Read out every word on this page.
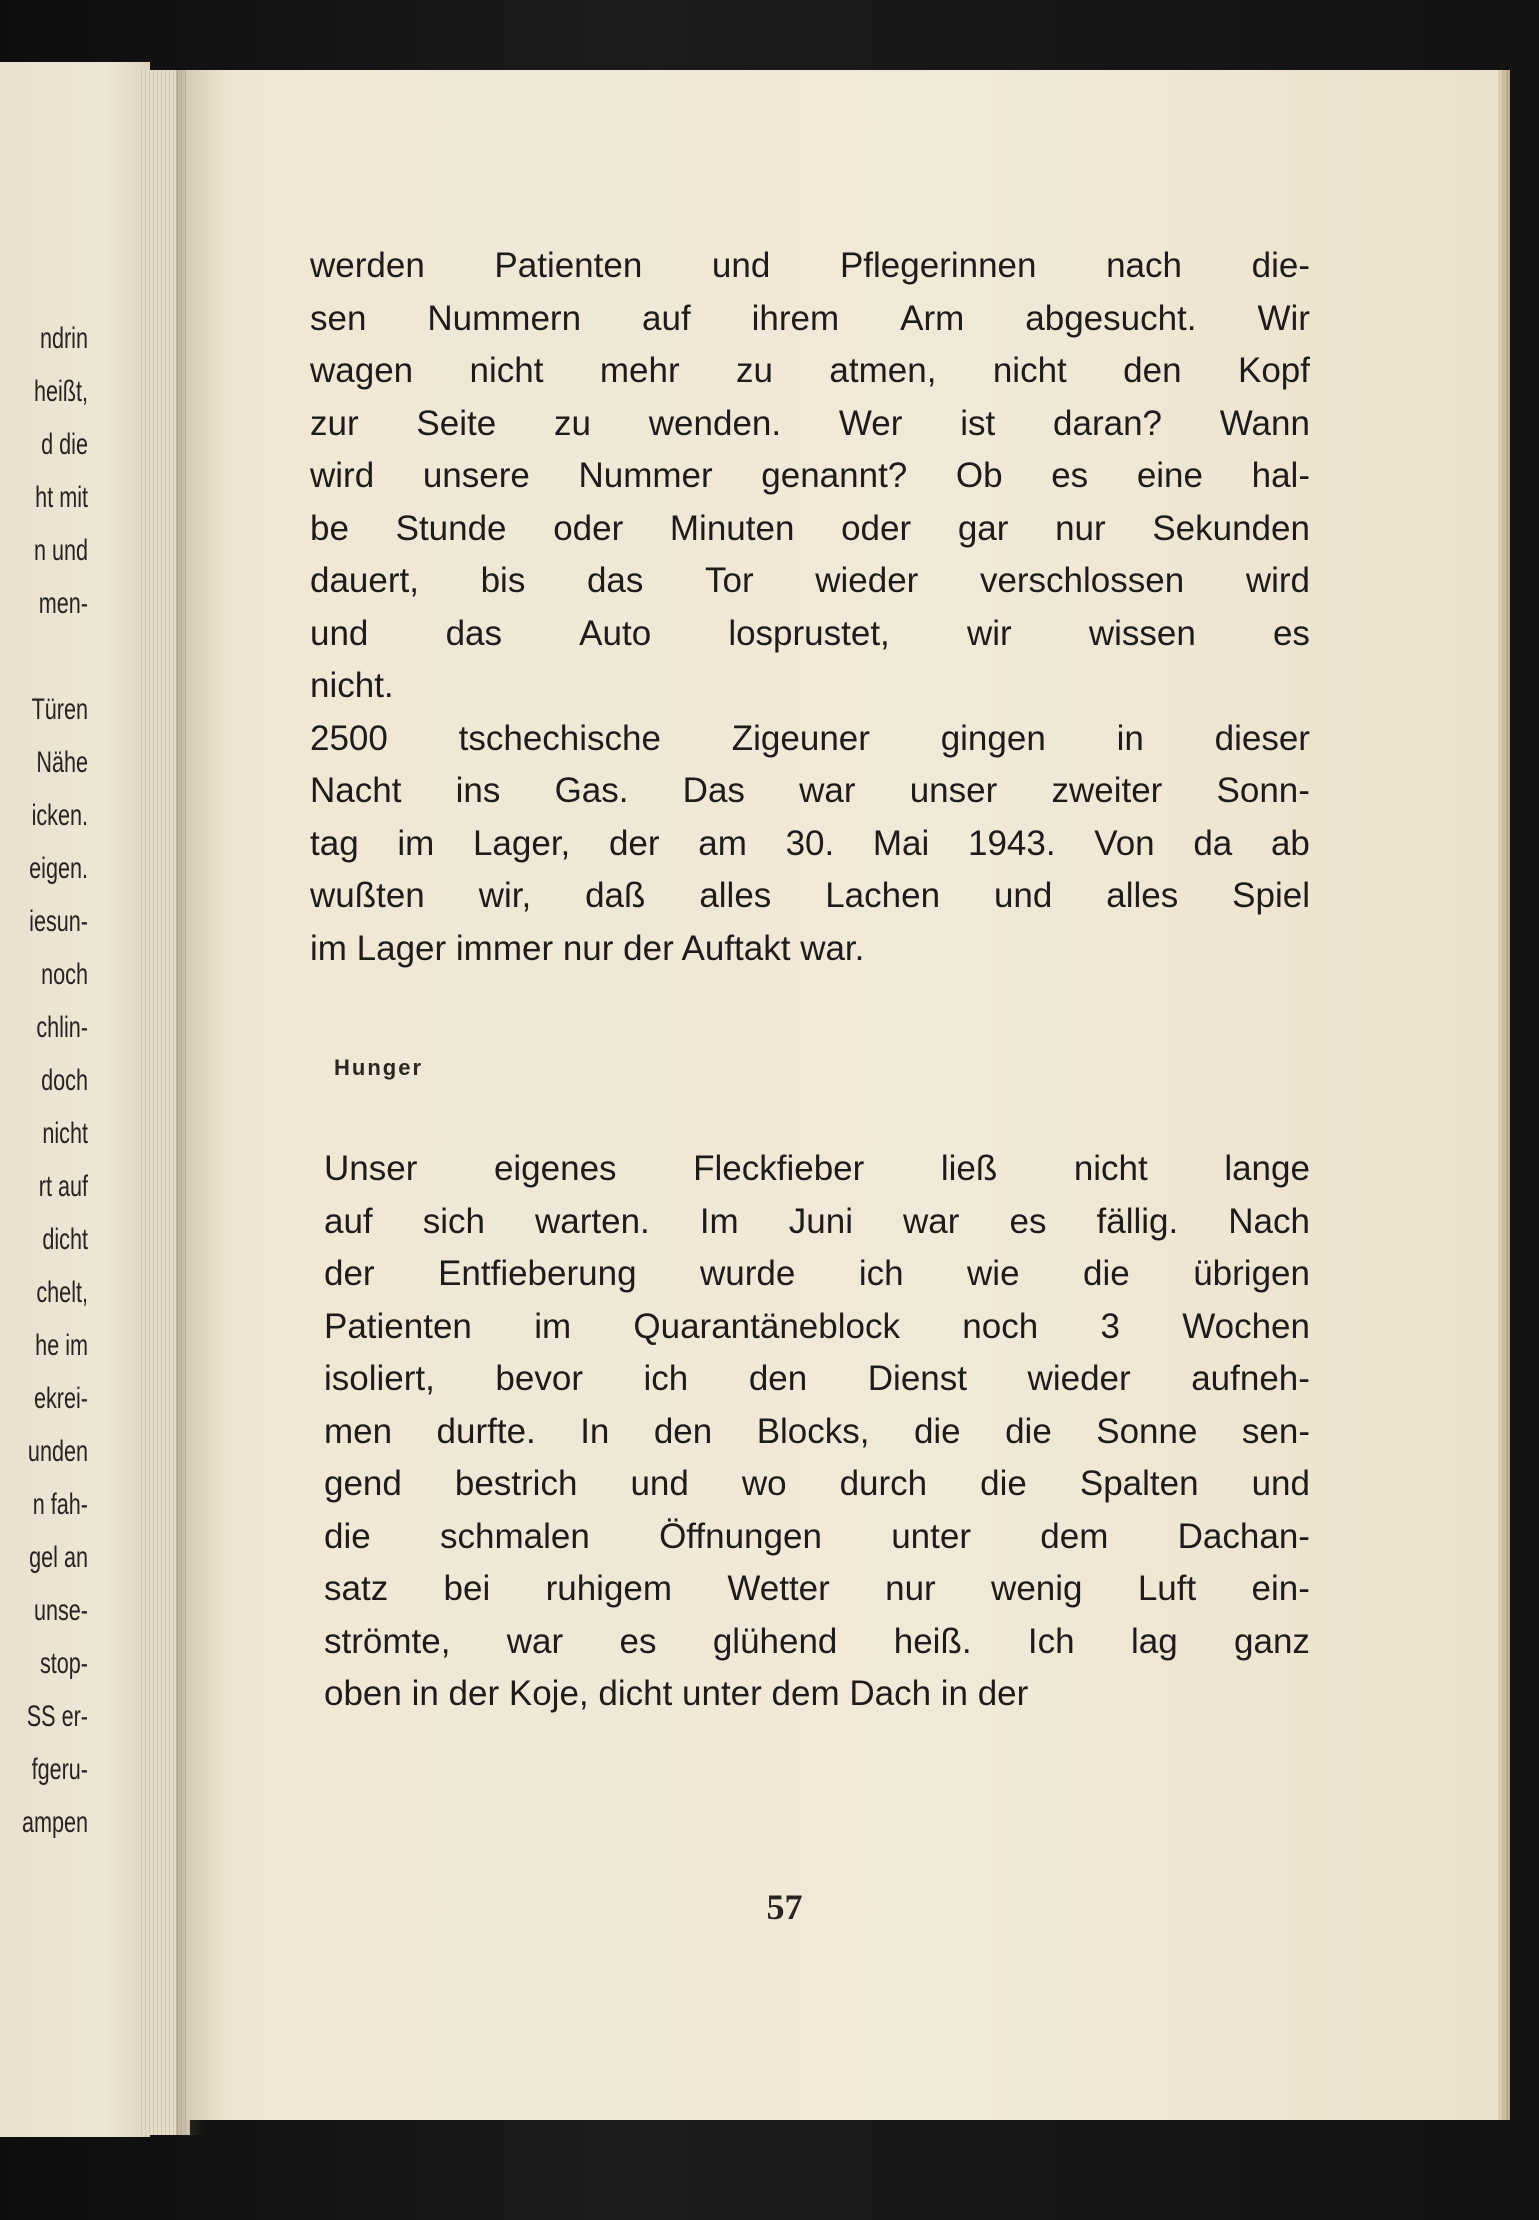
ndrin
heißt,
d die
ht mit
n und
men-
Türen
Nähe
icken.
eigen.
iesun-
noch
chlin-
doch
nicht
rt auf
dicht
chelt,
he im
ekrei-
unden
n fah-
gel an
unse-
stop-
SS er-
fgeru-
ampen
werden Patienten und Pflegerinnen nach die-
sen Nummern auf ihrem Arm abgesucht. Wir
wagen nicht mehr zu atmen, nicht den Kopf
zur Seite zu wenden. Wer ist daran? Wann
wird unsere Nummer genannt? Ob es eine hal-
be Stunde oder Minuten oder gar nur Sekunden
dauert, bis das Tor wieder verschlossen wird
und das Auto losprustet, wir wissen es
nicht.
2500 tschechische Zigeuner gingen in dieser
Nacht ins Gas. Das war unser zweiter Sonn-
tag im Lager, der am 30. Mai 1943. Von da ab
wußten wir, daß alles Lachen und alles Spiel
im Lager immer nur der Auftakt war.
Hunger
Unser eigenes Fleckfieber ließ nicht lange
auf sich warten. Im Juni war es fällig. Nach
der Entfieberung wurde ich wie die übrigen
Patienten im Quarantäneblock noch 3 Wochen
isoliert, bevor ich den Dienst wieder aufneh-
men durfte. In den Blocks, die die Sonne sen-
gend bestrich und wo durch die Spalten und
die schmalen Öffnungen unter dem Dachan-
satz bei ruhigem Wetter nur wenig Luft ein-
strömte, war es glühend heiß. Ich lag ganz
oben in der Koje, dicht unter dem Dach in der
57
